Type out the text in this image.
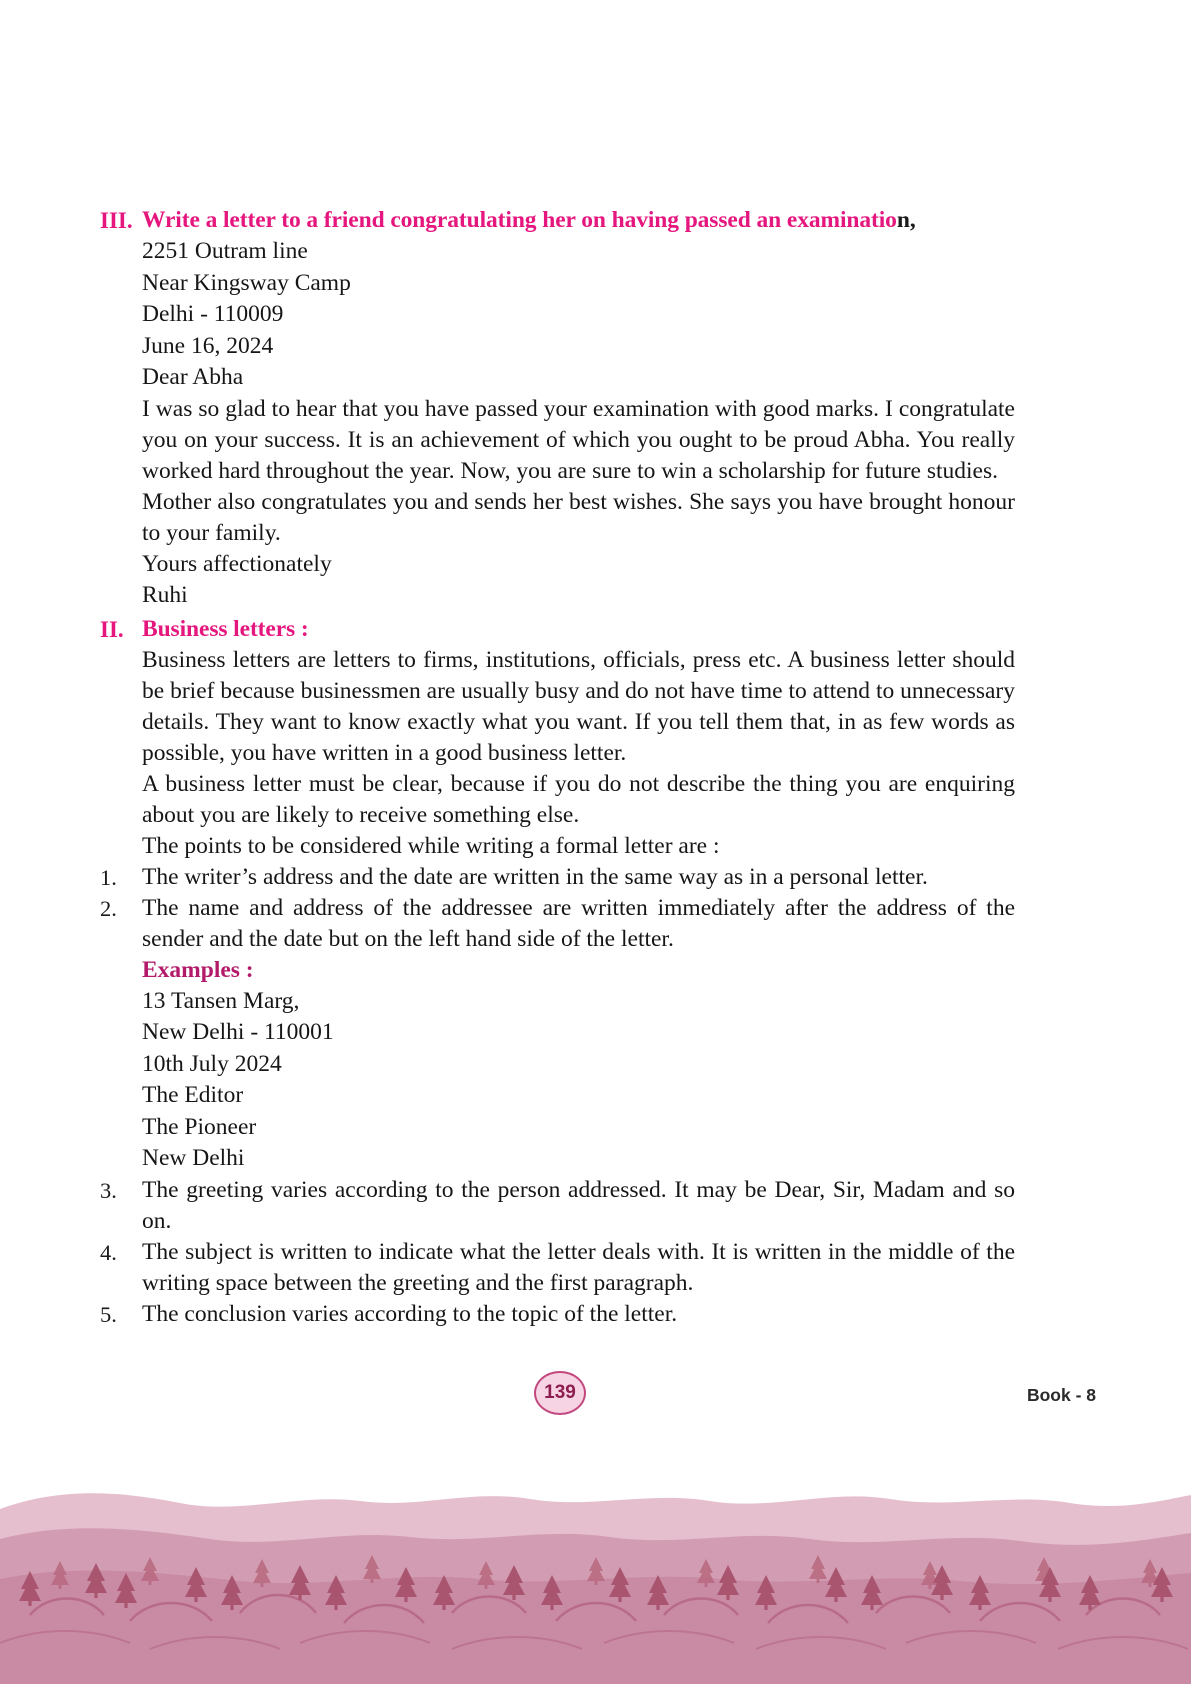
III. Write a letter to a friend congratulating her on having passed an examination,
2251 Outram line
Near Kingsway Camp
Delhi - 110009
June 16, 2024
Dear Abha
I was so glad to hear that you have passed your examination with good marks. I congratulate you on your success. It is an achievement of which you ought to be proud Abha. You really worked hard throughout the year. Now, you are sure to win a scholarship for future studies.
Mother also congratulates you and sends her best wishes. She says you have brought honour to your family.
Yours affectionately
Ruhi
II. Business letters :
Business letters are letters to firms, institutions, officials, press etc. A business letter should be brief because businessmen are usually busy and do not have time to attend to unnecessary details. They want to know exactly what you want. If you tell them that, in as few words as possible, you have written in a good business letter.
A business letter must be clear, because if you do not describe the thing you are enquiring about you are likely to receive something else.
The points to be considered while writing a formal letter are :
1.	The writer’s address and the date are written in the same way as in a personal letter.
2.	The name and address of the addressee are written immediately after the address of the sender and the date but on the left hand side of the letter.
Examples :
13 Tansen Marg,
New Delhi - 110001
10th July 2024
The Editor
The Pioneer
New Delhi
3.	The greeting varies according to the person addressed. It may be Dear, Sir, Madam and so on.
4.	The subject is written to indicate what the letter deals with. It is written in the middle of the writing space between the greeting and the first paragraph.
5.	The conclusion varies according to the topic of the letter.
139	Book - 8
